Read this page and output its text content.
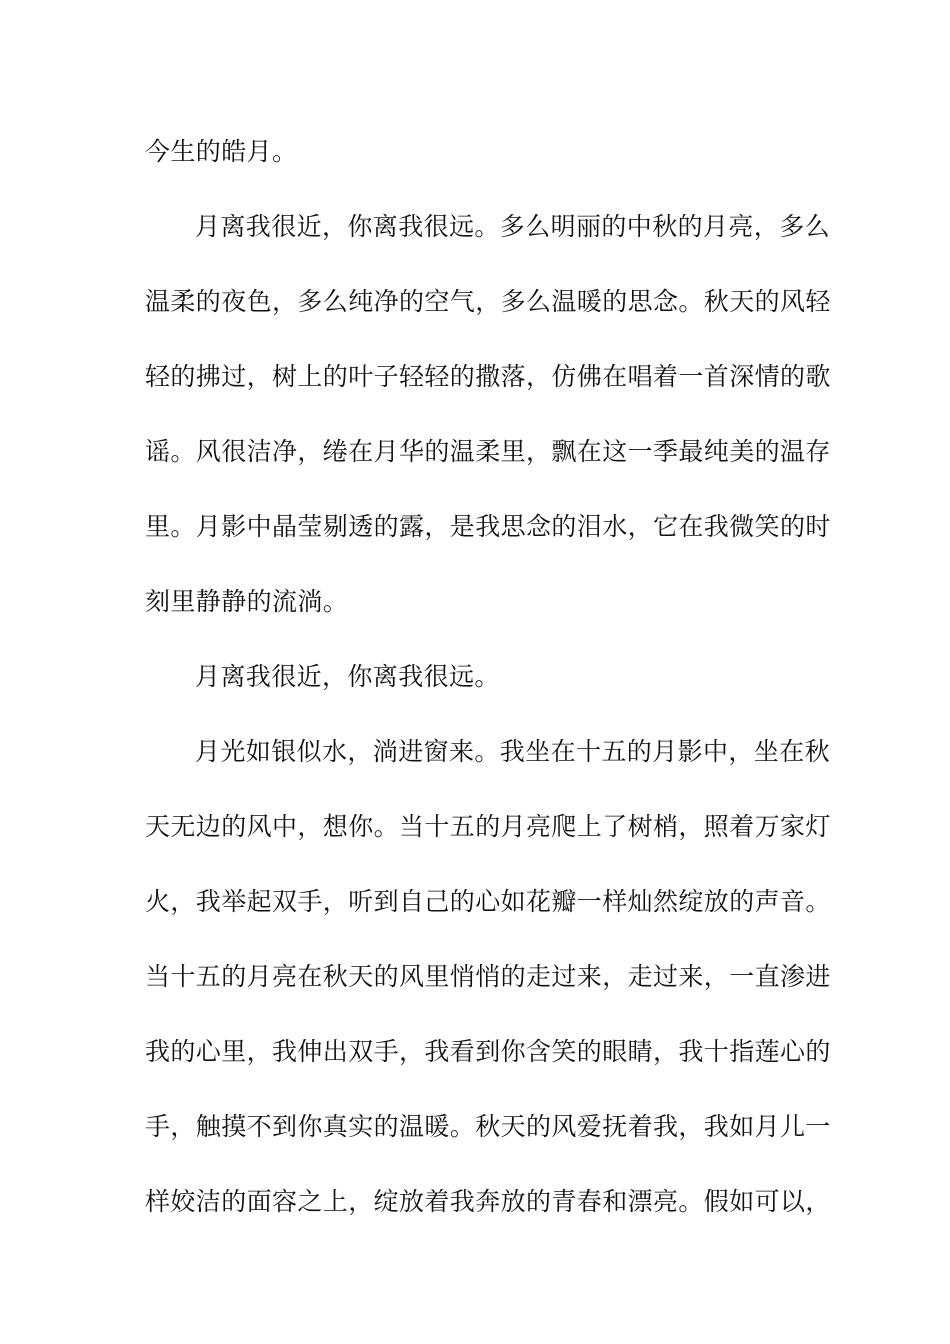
今生的皓月。
月离我很近，你离我很远。多么明丽的中秋的月亮，多么
温柔的夜色，多么纯净的空气，多么温暖的思念。秋天的风轻
轻的拂过，树上的叶子轻轻的撒落，仿佛在唱着一首深情的歌
谣。风很洁净，绻在月华的温柔里，飘在这一季最纯美的温存
里。月影中晶莹剔透的露，是我思念的泪水，它在我微笑的时
刻里静静的流淌。
月离我很近，你离我很远。
月光如银似水，淌进窗来。我坐在十五的月影中，坐在秋
天无边的风中，想你。当十五的月亮爬上了树梢，照着万家灯
火，我举起双手，听到自己的心如花瓣一样灿然绽放的声音。
当十五的月亮在秋天的风里悄悄的走过来，走过来，一直渗进
我的心里，我伸出双手，我看到你含笑的眼睛，我十指莲心的
手，触摸不到你真实的温暖。秋天的风爱抚着我，我如月儿一
样姣洁的面容之上，绽放着我奔放的青春和漂亮。假如可以，
